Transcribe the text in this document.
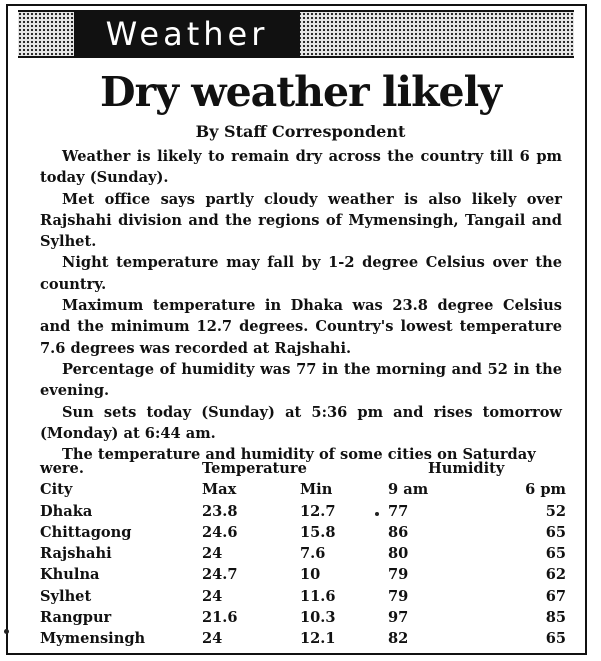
Weather
Dry weather likely
By Staff Correspondent

Weather is likely to remain dry across the country till 6 pm today (Sunday).

Met office says partly cloudy weather is also likely over Rajshahi division and the regions of Mymensingh, Tangail and Sylhet.

Night temperature may fall by 1-2 degree Celsius over the country.

Maximum temperature in Dhaka was 23.8 degree Celsius and the minimum 12.7 degrees. Country's lowest temperature 7.6 degrees was recorded at Rajshahi.

Percentage of humidity was 77 in the morning and 52 in the evening.

Sun sets today (Sunday) at 5:36 pm and rises tomorrow (Monday) at 6:44 am.

The temperature and humidity of some cities on Saturday

were.	Temperature	Humidity
City	Max	Min	9 am	6 pm
Dhaka	23.8	12.7	77	52
Chittagong	24.6	15.8	86	65
Rajshahi	24	7.6	80	65
Khulna	24.7	10	79	62
Sylhet	24	11.6	79	67
Rangpur	21.6	10.3	97	85
Mymensingh	24	12.1	82	65
